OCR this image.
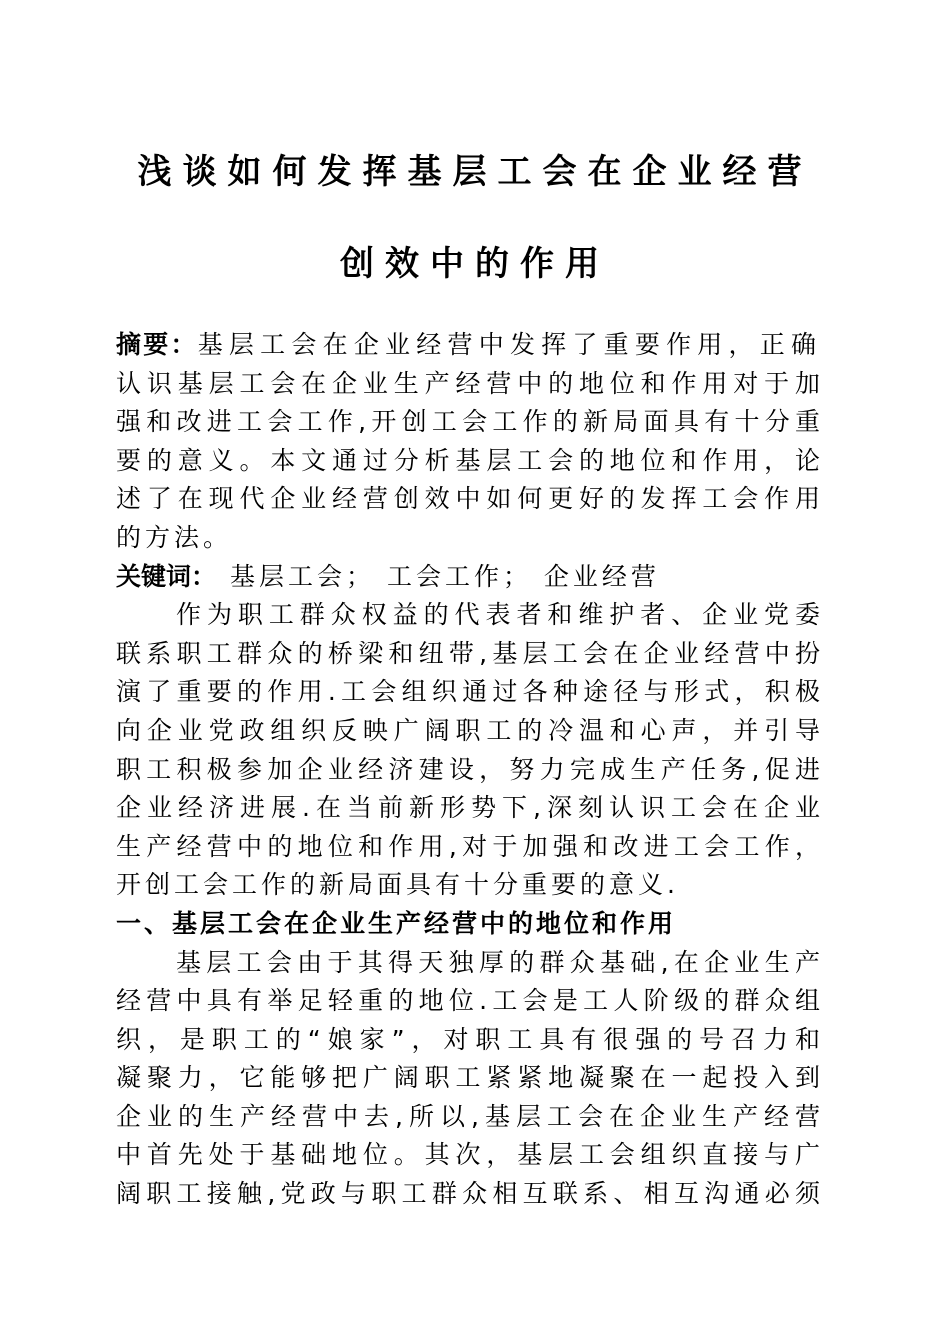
浅谈如何发挥基层工会在企业经营
创效中的作用
摘要：基层工会在企业经营中发挥了重要作用，正确
认识基层工会在企业生产经营中的地位和作用对于加
强和改进工会工作,开创工会工作的新局面具有十分重
要的意义。本文通过分析基层工会的地位和作用，论
述了在现代企业经营创效中如何更好的发挥工会作用
的方法。
关键词： 基层工会； 工会工作； 企业经营
作为职工群众权益的代表者和维护者、企业党委
联系职工群众的桥梁和纽带,基层工会在企业经营中扮
演了重要的作用.工会组织通过各种途径与形式，积极
向企业党政组织反映广阔职工的冷温和心声，并引导
职工积极参加企业经济建设，努力完成生产任务,促进
企业经济进展.在当前新形势下,深刻认识工会在企业
生产经营中的地位和作用,对于加强和改进工会工作，
开创工会工作的新局面具有十分重要的意义.
一、基层工会在企业生产经营中的地位和作用
基层工会由于其得天独厚的群众基础,在企业生产
经营中具有举足轻重的地位.工会是工人阶级的群众组
织，是职工的“娘家”，对职工具有很强的号召力和
凝聚力，它能够把广阔职工紧紧地凝聚在一起投入到
企业的生产经营中去,所以,基层工会在企业生产经营
中首先处于基础地位。其次，基层工会组织直接与广
阔职工接触,党政与职工群众相互联系、相互沟通必须
